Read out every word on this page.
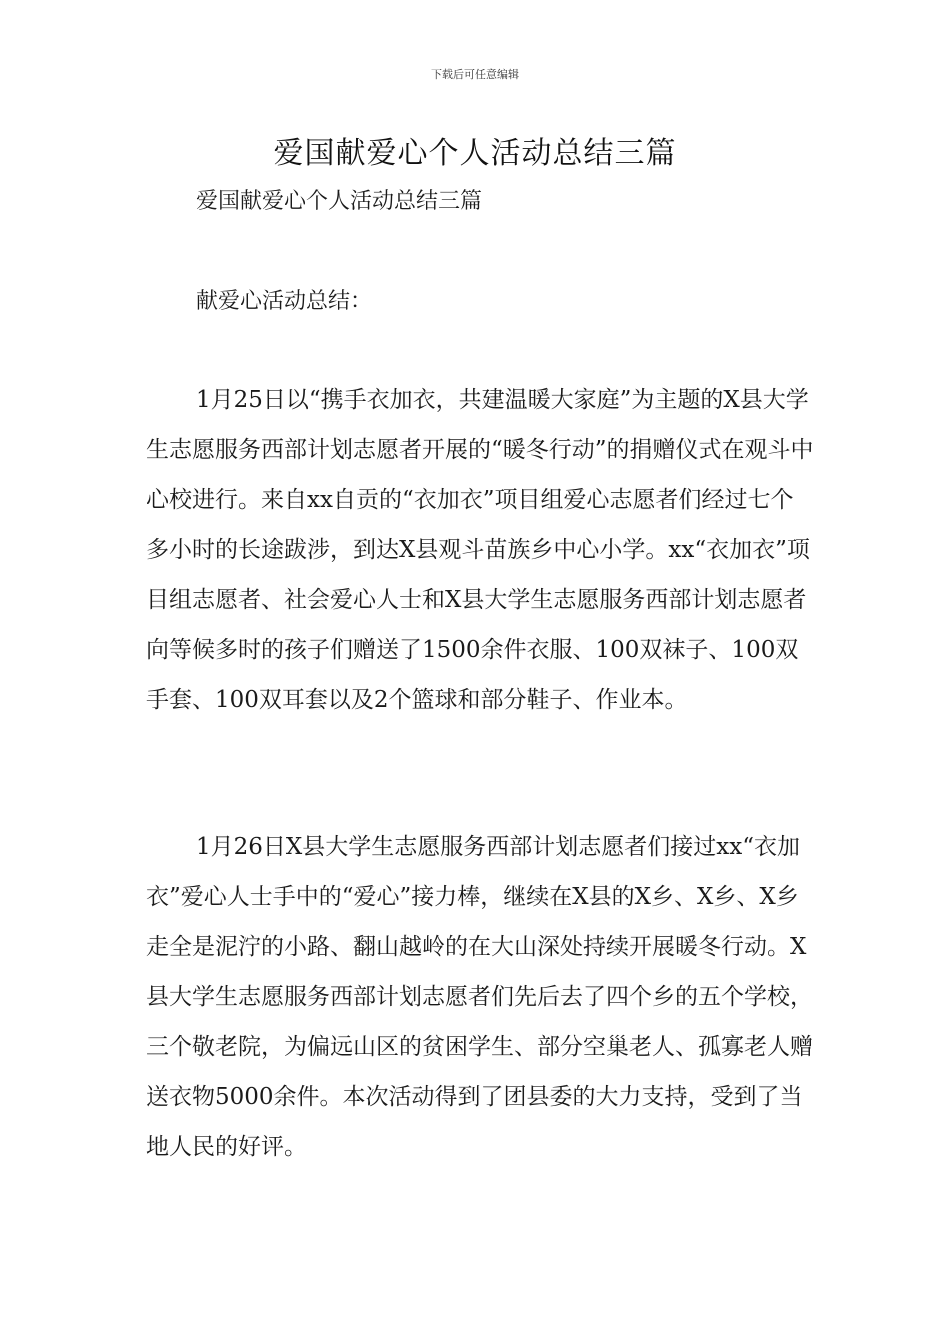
下载后可任意编辑
爱国献爱心个人活动总结三篇

爱国献爱心个人活动总结三篇

献爱心活动总结：

1月25日以“携手衣加衣，共建温暖大家庭”为主题的X县大学生志愿服务西部计划志愿者开展的“暖冬行动”的捐赠仪式在观斗中心校进行。来自xx自贡的“衣加衣”项目组爱心志愿者们经过七个多小时的长途跋涉，到达X县观斗苗族乡中心小学。xx“衣加衣”项目组志愿者、社会爱心人士和X县大学生志愿服务西部计划志愿者向等候多时的孩子们赠送了1500余件衣服、100双袜子、100双手套、100双耳套以及2个篮球和部分鞋子、作业本。

1月26日X县大学生志愿服务西部计划志愿者们接过xx“衣加衣”爱心人士手中的“爱心”接力棒，继续在X县的X乡、X乡、X乡走全是泥泞的小路、翻山越岭的在大山深处持续开展暖冬行动。X县大学生志愿服务西部计划志愿者们先后去了四个乡的五个学校，三个敬老院，为偏远山区的贫困学生、部分空巢老人、孤寡老人赠送衣物5000余件。本次活动得到了团县委的大力支持，受到了当地人民的好评。
